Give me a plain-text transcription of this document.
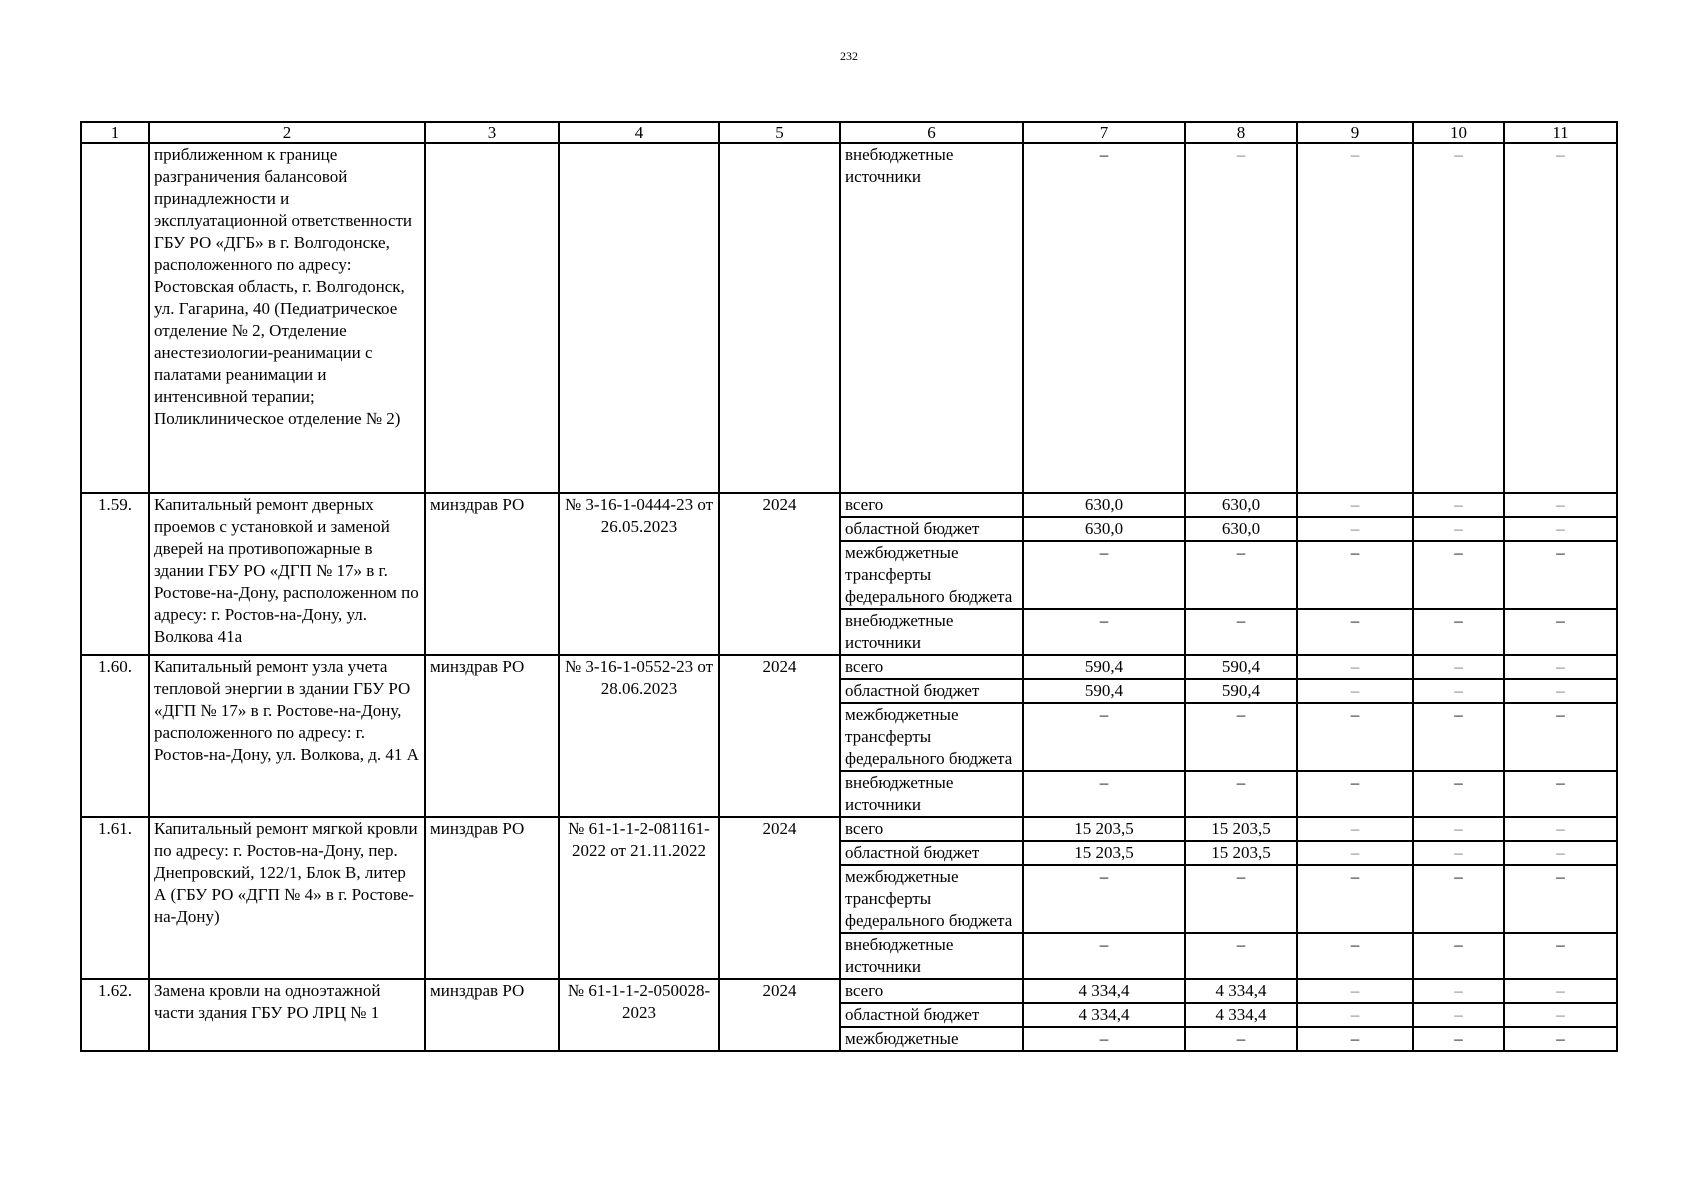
232
1	2	3	4	5	6	7	8	9	10	11
	приближенном к границе разграничения балансовой принадлежности и эксплуатационной ответственности ГБУ РО «ДГБ» в г. Волгодонске, расположенного по адресу: Ростовская область, г. Волгодонск, ул. Гагарина, 40 (Педиатрическое отделение № 2, Отделение анестезиологии-реанимации с палатами реанимации и интенсивной терапии; Поликлиническое отделение № 2)				внебюджетные источники	–	–	–	–	–
1.59.	Капитальный ремонт дверных проемов с установкой и заменой дверей на противопожарные в здании ГБУ РО «ДГП № 17» в г. Ростове-на-Дону, расположенном по адресу: г. Ростов-на-Дону, ул. Волкова 41а	минздрав РО	№ 3-16-1-0444-23 от 26.05.2023	2024	всего	630,0	630,0	–	–	–
					областной бюджет	630,0	630,0	–	–	–
					межбюджетные трансферты федерального бюджета	–	–	–	–	–
					внебюджетные источники	–	–	–	–	–
1.60.	Капитальный ремонт узла учета тепловой энергии в здании ГБУ РО «ДГП № 17» в г. Ростове-на-Дону, расположенного по адресу: г. Ростов-на-Дону, ул. Волкова, д. 41 А	минздрав РО	№ 3-16-1-0552-23 от 28.06.2023	2024	всего	590,4	590,4	–	–	–
					областной бюджет	590,4	590,4	–	–	–
					межбюджетные трансферты федерального бюджета	–	–	–	–	–
					внебюджетные источники	–	–	–	–	–
1.61.	Капитальный ремонт мягкой кровли по адресу: г. Ростов-на-Дону, пер. Днепровский, 122/1, Блок В, литер А (ГБУ РО «ДГП № 4» в г. Ростове-на-Дону)	минздрав РО	№ 61-1-1-2-081161-2022 от 21.11.2022	2024	всего	15 203,5	15 203,5	–	–	–
					областной бюджет	15 203,5	15 203,5	–	–	–
					межбюджетные трансферты федерального бюджета	–	–	–	–	–
					внебюджетные источники	–	–	–	–	–
1.62.	Замена кровли на одноэтажной части здания ГБУ РО ЛРЦ № 1	минздрав РО	№ 61-1-1-2-050028-2023	2024	всего	4 334,4	4 334,4	–	–	–
					областной бюджет	4 334,4	4 334,4	–	–	–
					межбюджетные	–	–	–	–	–
